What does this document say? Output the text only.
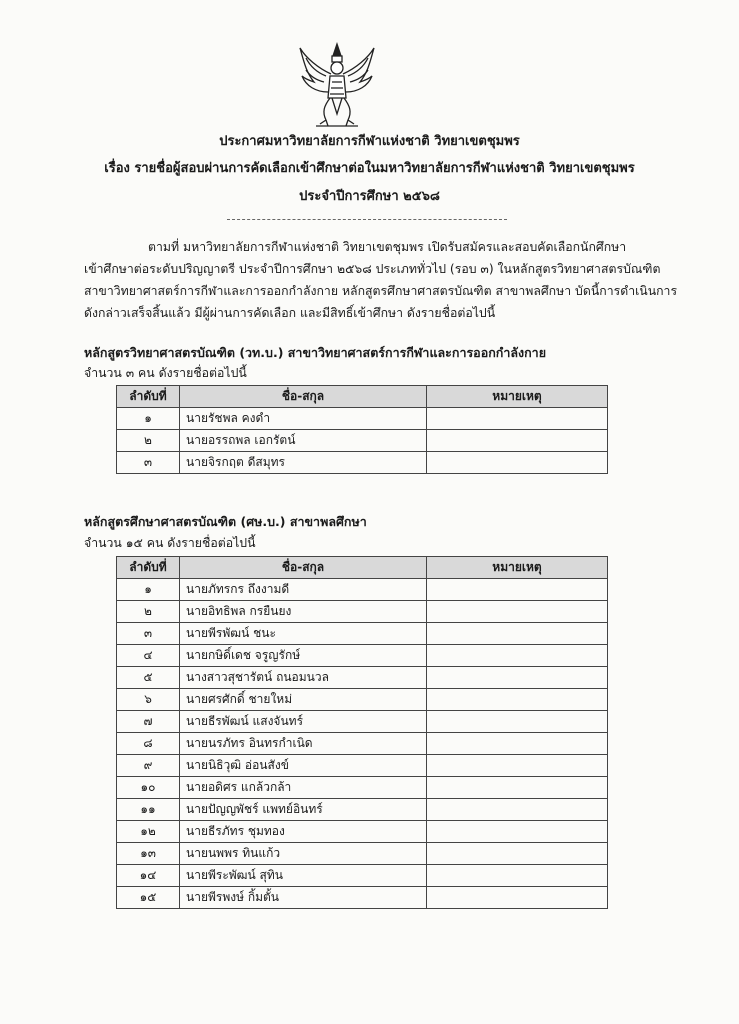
ประกาศมหาวิทยาลัยการกีฬาแห่งชาติ วิทยาเขตชุมพร
เรื่อง รายชื่อผู้สอบผ่านการคัดเลือกเข้าศึกษาต่อในมหาวิทยาลัยการกีฬาแห่งชาติ วิทยาเขตชุมพร
ประจำปีการศึกษา ๒๕๖๘

ตามที่ มหาวิทยาลัยการกีฬาแห่งชาติ วิทยาเขตชุมพร เปิดรับสมัครและสอบคัดเลือกนักศึกษา

เข้าศึกษาต่อระดับปริญญาตรี ประจำปีการศึกษา ๒๕๖๘ ประเภททั่วไป (รอบ ๓) ในหลักสูตรวิทยาศาสตรบัณฑิต

สาขาวิทยาศาสตร์การกีฬาและการออกกำลังกาย หลักสูตรศึกษาศาสตรบัณฑิต สาขาพลศึกษา บัดนี้การดำเนินการ

ดังกล่าวเสร็จสิ้นแล้ว มีผู้ผ่านการคัดเลือก และมีสิทธิ์เข้าศึกษา ดังรายชื่อต่อไปนี้

หลักสูตรวิทยาศาสตรบัณฑิต (วท.บ.) สาขาวิทยาศาสตร์การกีฬาและการออกกำลังกาย
จำนวน ๓ คน ดังรายชื่อต่อไปนี้
ลำดับที่	ชื่อ-สกุล	หมายเหตุ
๑	นายรัชพล คงดำ	
๒	นายอรรถพล เอกรัตน์	
๓	นายจิรกฤต ดีสมุทร	
หลักสูตรศึกษาศาสตรบัณฑิต (ศษ.บ.) สาขาพลศึกษา
จำนวน ๑๕ คน ดังรายชื่อต่อไปนี้
ลำดับที่	ชื่อ-สกุล	หมายเหตุ
๑	นายภัทรกร ถึงงามดี	
๒	นายอิทธิพล กรยืนยง	
๓	นายพีรพัฒน์ ชนะ	
๔	นายกษิดิ์เดช จรูญรักษ์	
๕	นางสาวสุชารัตน์ ถนอมนวล	
๖	นายศรศักดิ์ ชายใหม่	
๗	นายธีรพัฒน์ แสงจันทร์	
๘	นายนรภัทร อินทรกำเนิด	
๙	นายนิธิวุฒิ อ่อนสังข์	
๑๐	นายอดิศร แกล้วกล้า	
๑๑	นายปัญญพัชร์ แพทย์อินทร์	
๑๒	นายธีรภัทร ชุมทอง	
๑๓	นายนพพร ทินแก้ว	
๑๔	นายพีระพัฒน์ สุทิน	
๑๕	นายพีรพงษ์ กิ้มตั้น	
